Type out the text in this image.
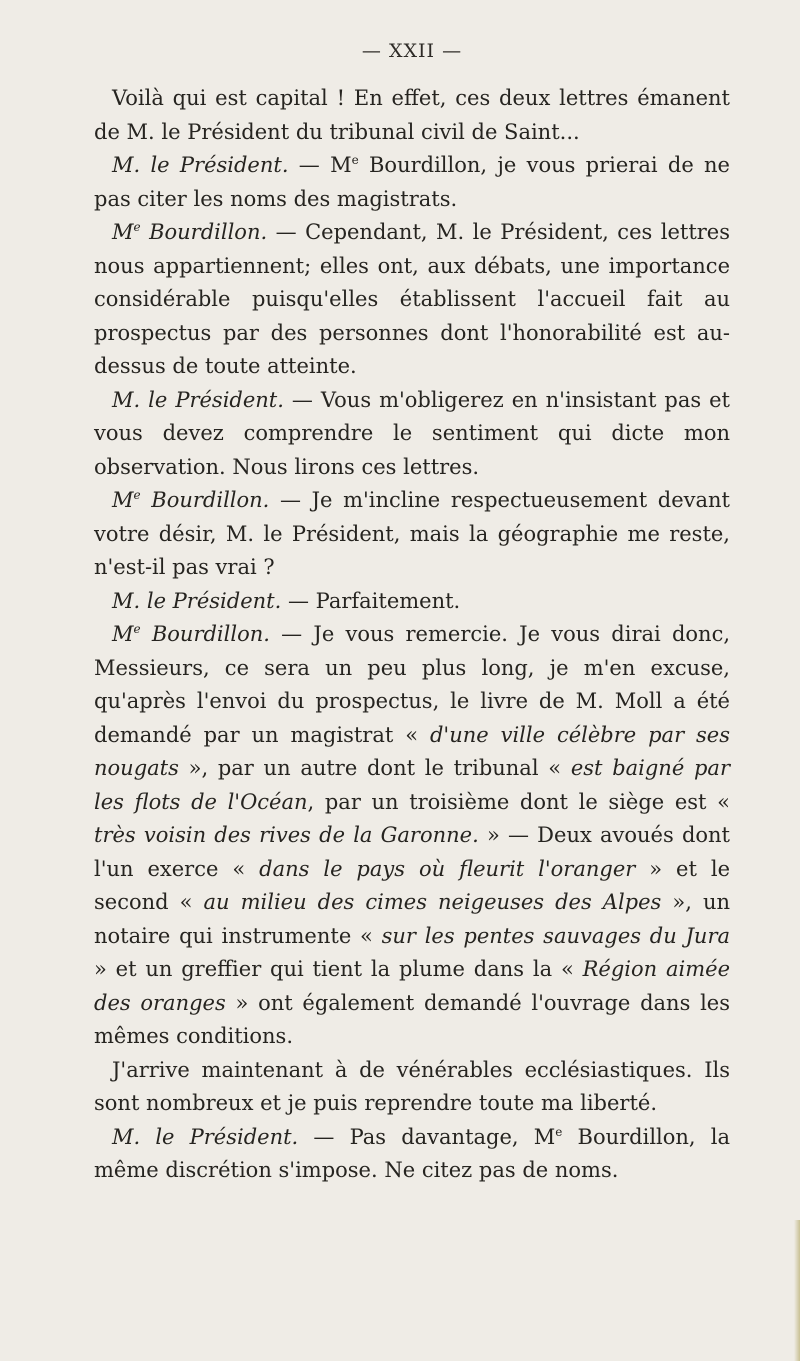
— XXII —

Voilà qui est capital ! En effet, ces deux lettres émanent de M. le Président du tribunal civil de Saint...

M. le Président. — Me Bourdillon, je vous prierai de ne pas citer les noms des magistrats.

Me Bourdillon. — Cependant, M. le Président, ces lettres nous appartiennent; elles ont, aux débats, une importance considérable puisqu'elles établissent l'accueil fait au prospectus par des personnes dont l'honorabilité est au-dessus de toute atteinte.

M. le Président. — Vous m'obligerez en n'insistant pas et vous devez comprendre le sentiment qui dicte mon observation. Nous lirons ces lettres.

Me Bourdillon. — Je m'incline respectueusement devant votre désir, M. le Président, mais la géographie me reste, n'est-il pas vrai ?

M. le Président. — Parfaitement.

Me Bourdillon. — Je vous remercie. Je vous dirai donc, Messieurs, ce sera un peu plus long, je m'en excuse, qu'après l'envoi du prospectus, le livre de M. Moll a été demandé par un magistrat « d'une ville célèbre par ses nougats », par un autre dont le tribunal « est baigné par les flots de l'Océan, par un troisième dont le siège est « très voisin des rives de la Garonne. » — Deux avoués dont l'un exerce « dans le pays où fleurit l'oranger » et le second « au milieu des cimes neigeuses des Alpes », un notaire qui instrumente « sur les pentes sauvages du Jura » et un greffier qui tient la plume dans la « Région aimée des oranges » ont également demandé l'ouvrage dans les mêmes conditions.

J'arrive maintenant à de vénérables ecclésiastiques. Ils sont nombreux et je puis reprendre toute ma liberté.

M. le Président. — Pas davantage, Me Bourdillon, la même discrétion s'impose. Ne citez pas de noms.
